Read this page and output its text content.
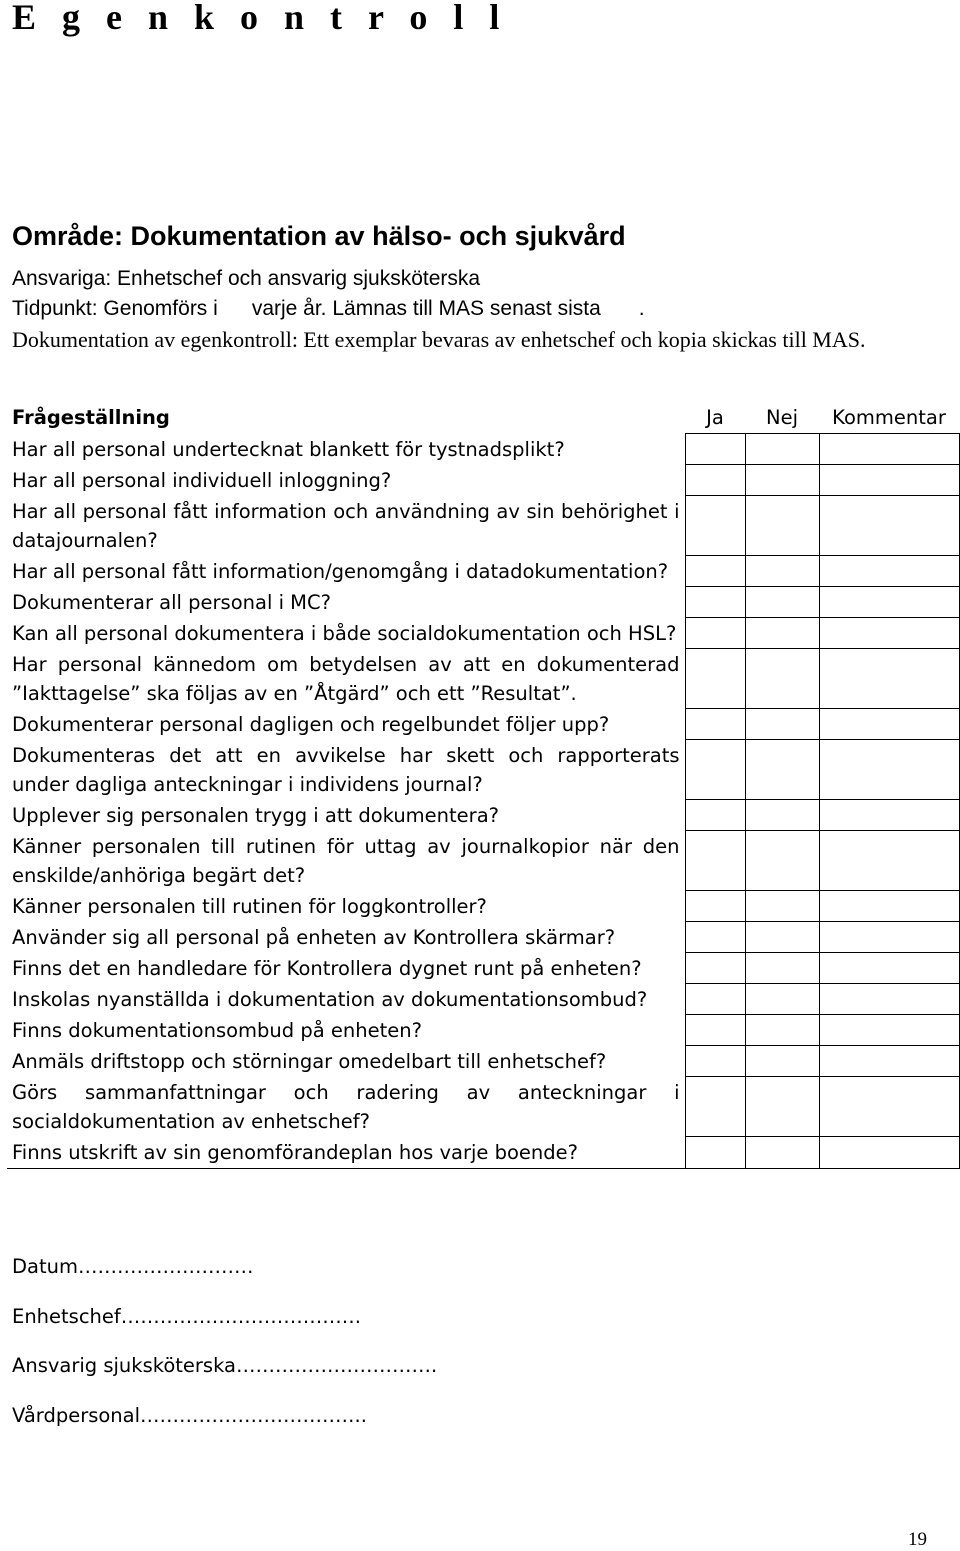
E g e n k o n t r o l l
Område: Dokumentation av hälso- och sjukvård
Ansvariga: Enhetschef och ansvarig sjuksköterska
Tidpunkt: Genomförs i varje år. Lämnas till MAS senast sista .
Dokumentation av egenkontroll: Ett exemplar bevaras av enhetschef och kopia skickas till MAS.
Frågeställning	Ja	Nej	Kommentar
Har all personal undertecknat blankett för tystnadsplikt?			
Har all personal individuell inloggning?			
Har all personal fått information och användning av sin behörighet i datajournalen?			
Har all personal fått information/genomgång i datadokumentation?			
Dokumenterar all personal i MC?			
Kan all personal dokumentera i både socialdokumentation och HSL?			
Har personal kännedom om betydelsen av att en dokumenterad ”Iakttagelse” ska följas av en ”Åtgärd” och ett ”Resultat”.			
Dokumenterar personal dagligen och regelbundet följer upp?			
Dokumenteras det att en avvikelse har skett och rapporterats under dagliga anteckningar i individens journal?			
Upplever sig personalen trygg i att dokumentera?			
Känner personalen till rutinen för uttag av journalkopior när den enskilde/anhöriga begärt det?			
Känner personalen till rutinen för loggkontroller?			
Använder sig all personal på enheten av Kontrollera skärmar?			
Finns det en handledare för Kontrollera dygnet runt på enheten?			
Inskolas nyanställda i dokumentation av dokumentationsombud?			
Finns dokumentationsombud på enheten?			
Anmäls driftstopp och störningar omedelbart till enhetschef?			
Görs sammanfattningar och radering av anteckningar i socialdokumentation av enhetschef?			
Finns utskrift av sin genomförandeplan hos varje boende?			
Datum………………………
Enhetschef……………………………….
Ansvarig sjuksköterska………………………….
Vårdpersonal……………………………..
19
